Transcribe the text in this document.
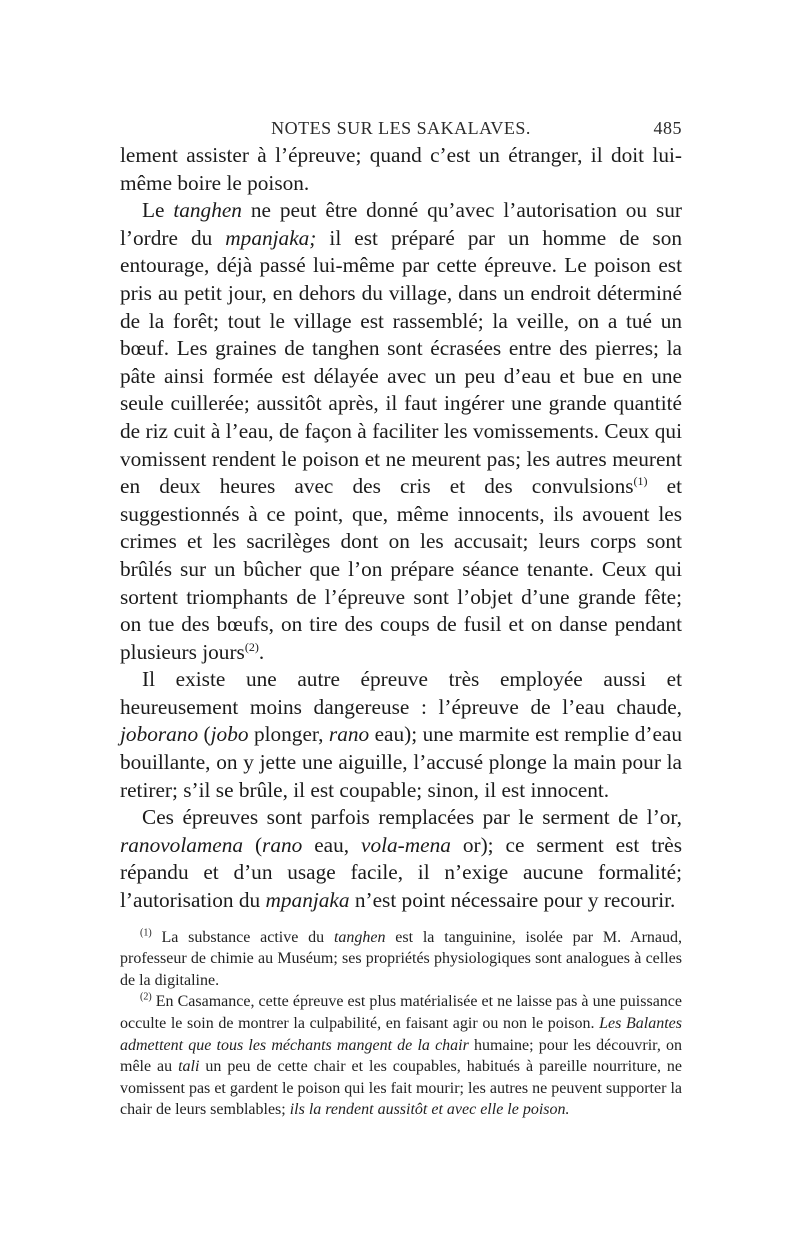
NOTES SUR LES SAKALAVES.	485

lement assister à l’épreuve; quand c’est un étranger, il doit lui-même boire le poison.

Le tanghen ne peut être donné qu’avec l’autorisation ou sur l’ordre du mpanjaka; il est préparé par un homme de son entourage, déjà passé lui-même par cette épreuve. Le poison est pris au petit jour, en dehors du village, dans un endroit déterminé de la forêt; tout le village est rassemblé; la veille, on a tué un bœuf. Les graines de tanghen sont écrasées entre des pierres; la pâte ainsi formée est délayée avec un peu d’eau et bue en une seule cuillerée; aussitôt après, il faut ingérer une grande quantité de riz cuit à l’eau, de façon à faciliter les vomissements. Ceux qui vomissent rendent le poison et ne meurent pas; les autres meurent en deux heures avec des cris et des convulsions$^{(1)}$ et suggestionnés à ce point, que, même innocents, ils avouent les crimes et les sacrilèges dont on les accusait; leurs corps sont brûlés sur un bûcher que l’on prépare séance tenante. Ceux qui sortent triomphants de l’épreuve sont l’objet d’une grande fête; on tue des bœufs, on tire des coups de fusil et on danse pendant plusieurs jours$^{(2)}$.

Il existe une autre épreuve très employée aussi et heureusement moins dangereuse : l’épreuve de l’eau chaude, joborano (jobo plonger, rano eau); une marmite est remplie d’eau bouillante, on y jette une aiguille, l’accusé plonge la main pour la retirer; s’il se brûle, il est coupable; sinon, il est innocent.

Ces épreuves sont parfois remplacées par le serment de l’or, ranovolamena (rano eau, vola-mena or); ce serment est très répandu et d’un usage facile, il n’exige aucune formalité; l’autorisation du mpanjaka n’est point nécessaire pour y recourir.

$^{(1)}$ La substance active du tanghen est la tanguinine, isolée par M. Arnaud, professeur de chimie au Muséum; ses propriétés physiologiques sont analogues à celles de la digitaline.

$^{(2)}$ En Casamance, cette épreuve est plus matérialisée et ne laisse pas à une puissance occulte le soin de montrer la culpabilité, en faisant agir ou non le poison. Les Balantes admettent que tous les méchants mangent de la chair humaine; pour les découvrir, on mêle au tali un peu de cette chair et les coupables, habitués à pareille nourriture, ne vomissent pas et gardent le poison qui les fait mourir; les autres ne peuvent supporter la chair de leurs semblables; ils la rendent aussitôt et avec elle le poison.
